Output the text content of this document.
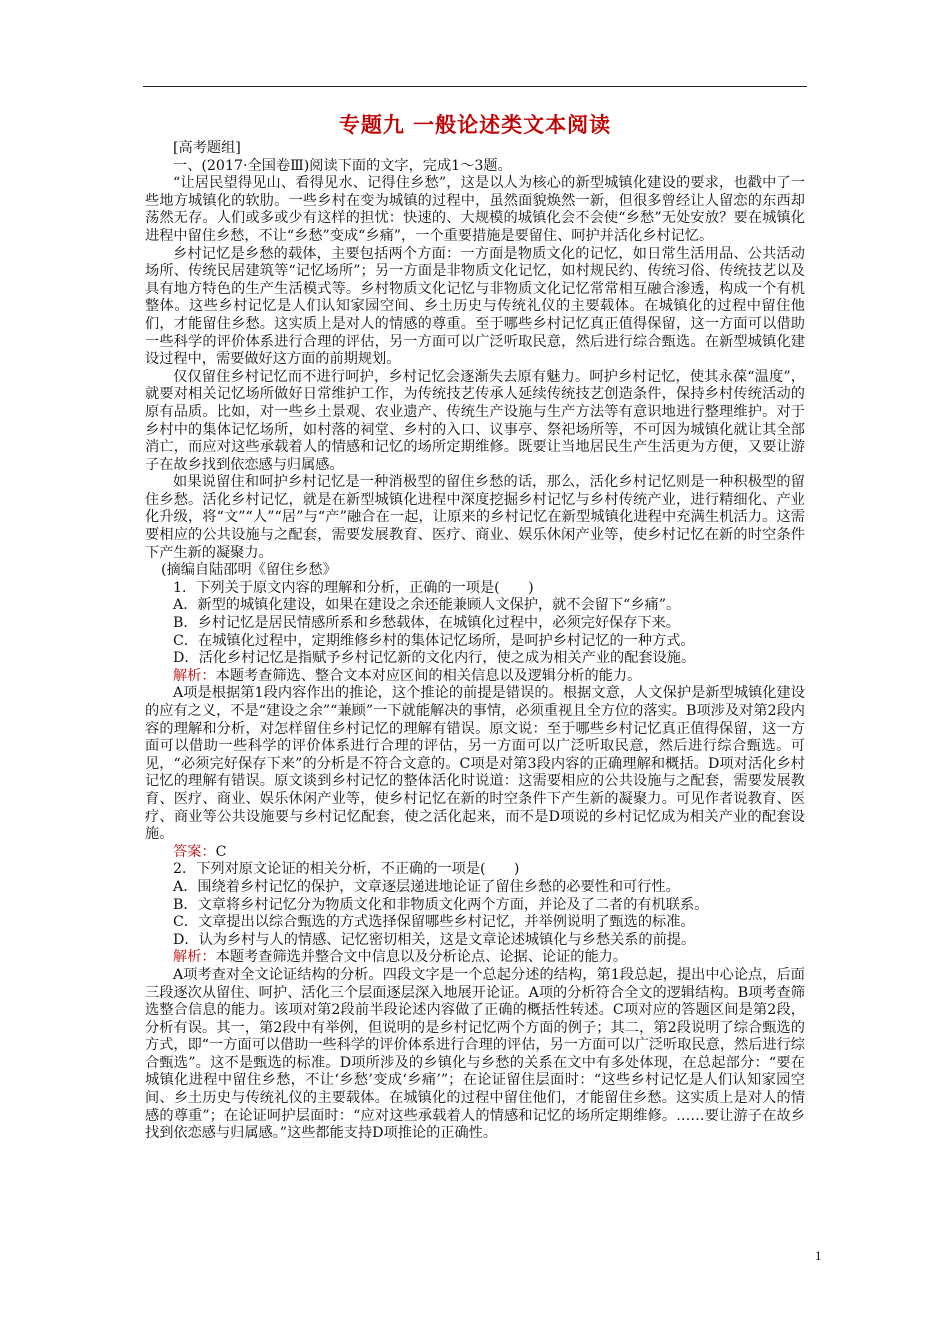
专题九 一般论述类文本阅读

[高考题组]

一、(2017·全国卷Ⅲ)阅读下面的文字，完成1～3题。

“让居民望得见山、看得见水、记得住乡愁”，这是以人为核心的新型城镇化建设的要求，也戳中了一些地方城镇化的软肋。一些乡村在变为城镇的过程中，虽然面貌焕然一新，但很多曾经让人留恋的东西却荡然无存。人们或多或少有这样的担忧：快速的、大规模的城镇化会不会使“乡愁”无处安放？要在城镇化进程中留住乡愁，不让“乡愁”变成“乡痛”，一个重要措施是要留住、呵护并活化乡村记忆。

乡村记忆是乡愁的载体，主要包括两个方面：一方面是物质文化的记忆，如日常生活用品、公共活动场所、传统民居建筑等“记忆场所”；另一方面是非物质文化记忆，如村规民约、传统习俗、传统技艺以及具有地方特色的生产生活模式等。乡村物质文化记忆与非物质文化记忆常常相互融合渗透，构成一个有机整体。这些乡村记忆是人们认知家园空间、乡土历史与传统礼仪的主要载体。在城镇化的过程中留住他们，才能留住乡愁。这实质上是对人的情感的尊重。至于哪些乡村记忆真正值得保留，这一方面可以借助一些科学的评价体系进行合理的评估，另一方面可以广泛听取民意，然后进行综合甄选。在新型城镇化建设过程中，需要做好这方面的前期规划。

仅仅留住乡村记忆而不进行呵护，乡村记忆会逐渐失去原有魅力。呵护乡村记忆，使其永葆“温度”，就要对相关记忆场所做好日常维护工作，为传统技艺传承人延续传统技艺创造条件，保持乡村传统活动的原有品质。比如，对一些乡土景观、农业遗产、传统生产设施与生产方法等有意识地进行整理维护。对于乡村中的集体记忆场所，如村落的祠堂、乡村的入口、议事亭、祭祀场所等，不可因为城镇化就让其全部消亡，而应对这些承载着人的情感和记忆的场所定期维修。既要让当地居民生产生活更为方便，又要让游子在故乡找到依恋感与归属感。

如果说留住和呵护乡村记忆是一种消极型的留住乡愁的话，那么，活化乡村记忆则是一种积极型的留住乡愁。活化乡村记忆，就是在新型城镇化进程中深度挖掘乡村记忆与乡村传统产业，进行精细化、产业化升级，将“文”“人”“居”与“产”融合在一起，让原来的乡村记忆在新型城镇化进程中充满生机活力。这需要相应的公共设施与之配套，需要发展教育、医疗、商业、娱乐休闲产业等，使乡村记忆在新的时空条件下产生新的凝聚力。

(摘编自陆邵明《留住乡愁》

1．下列关于原文内容的理解和分析，正确的一项是(　　)

A．新型的城镇化建设，如果在建设之余还能兼顾人文保护，就不会留下“乡痛”。

B．乡村记忆是居民情感所系和乡愁载体，在城镇化过程中，必须完好保存下来。

C．在城镇化过程中，定期维修乡村的集体记忆场所，是呵护乡村记忆的一种方式。

D．活化乡村记忆是指赋予乡村记忆新的文化内行，使之成为相关产业的配套设施。

解析：本题考查筛选、整合文本对应区间的相关信息以及逻辑分析的能力。

A项是根据第1段内容作出的推论，这个推论的前提是错误的。根据文意，人文保护是新型城镇化建设的应有之义，不是“建设之余”“兼顾”一下就能解决的事情，必须重视且全方位的落实。B项涉及对第2段内容的理解和分析，对怎样留住乡村记忆的理解有错误。原文说：至于哪些乡村记忆真正值得保留，这一方面可以借助一些科学的评价体系进行合理的评估，另一方面可以广泛听取民意，然后进行综合甄选。可见，“必须完好保存下来”的分析是不符合文意的。C项是对第3段内容的正确理解和概括。D项对活化乡村记忆的理解有错误。原文谈到乡村记忆的整体活化时说道：这需要相应的公共设施与之配套，需要发展教育、医疗、商业、娱乐休闲产业等，使乡村记忆在新的时空条件下产生新的凝聚力。可见作者说教育、医疗、商业等公共设施要与乡村记忆配套，使之活化起来，而不是D项说的乡村记忆成为相关产业的配套设施。

答案：C

2．下列对原文论证的相关分析，不正确的一项是(　　)

A．围绕着乡村记忆的保护，文章逐层递进地论证了留住乡愁的必要性和可行性。

B．文章将乡村记忆分为物质文化和非物质文化两个方面，并论及了二者的有机联系。

C．文章提出以综合甄选的方式选择保留哪些乡村记忆，并举例说明了甄选的标准。

D．认为乡村与人的情感、记忆密切相关，这是文章论述城镇化与乡愁关系的前提。

解析：本题考查筛选并整合文中信息以及分析论点、论据、论证的能力。

A项考查对全文论证结构的分析。四段文字是一个总起分述的结构，第1段总起，提出中心论点，后面三段逐次从留住、呵护、活化三个层面逐层深入地展开论证。A项的分析符合全文的逻辑结构。B项考查筛选整合信息的能力。该项对第2段前半段论述内容做了正确的概括性转述。C项对应的答题区间是第2段，分析有误。其一，第2段中有举例，但说明的是乡村记忆两个方面的例子；其二，第2段说明了综合甄选的方式，即“一方面可以借助一些科学的评价体系进行合理的评估，另一方面可以广泛听取民意，然后进行综合甄选”。这不是甄选的标准。D项所涉及的乡镇化与乡愁的关系在文中有多处体现，在总起部分：“要在城镇化进程中留住乡愁，不让‘乡愁’变成‘乡痛’”；在论证留住层面时：“这些乡村记忆是人们认知家园空间、乡土历史与传统礼仪的主要载体。在城镇化的过程中留住他们，才能留住乡愁。这实质上是对人的情感的尊重”；在论证呵护层面时：“应对这些承载着人的情感和记忆的场所定期维修。……要让游子在故乡找到依恋感与归属感。”这些都能支持D项推论的正确性。

1
